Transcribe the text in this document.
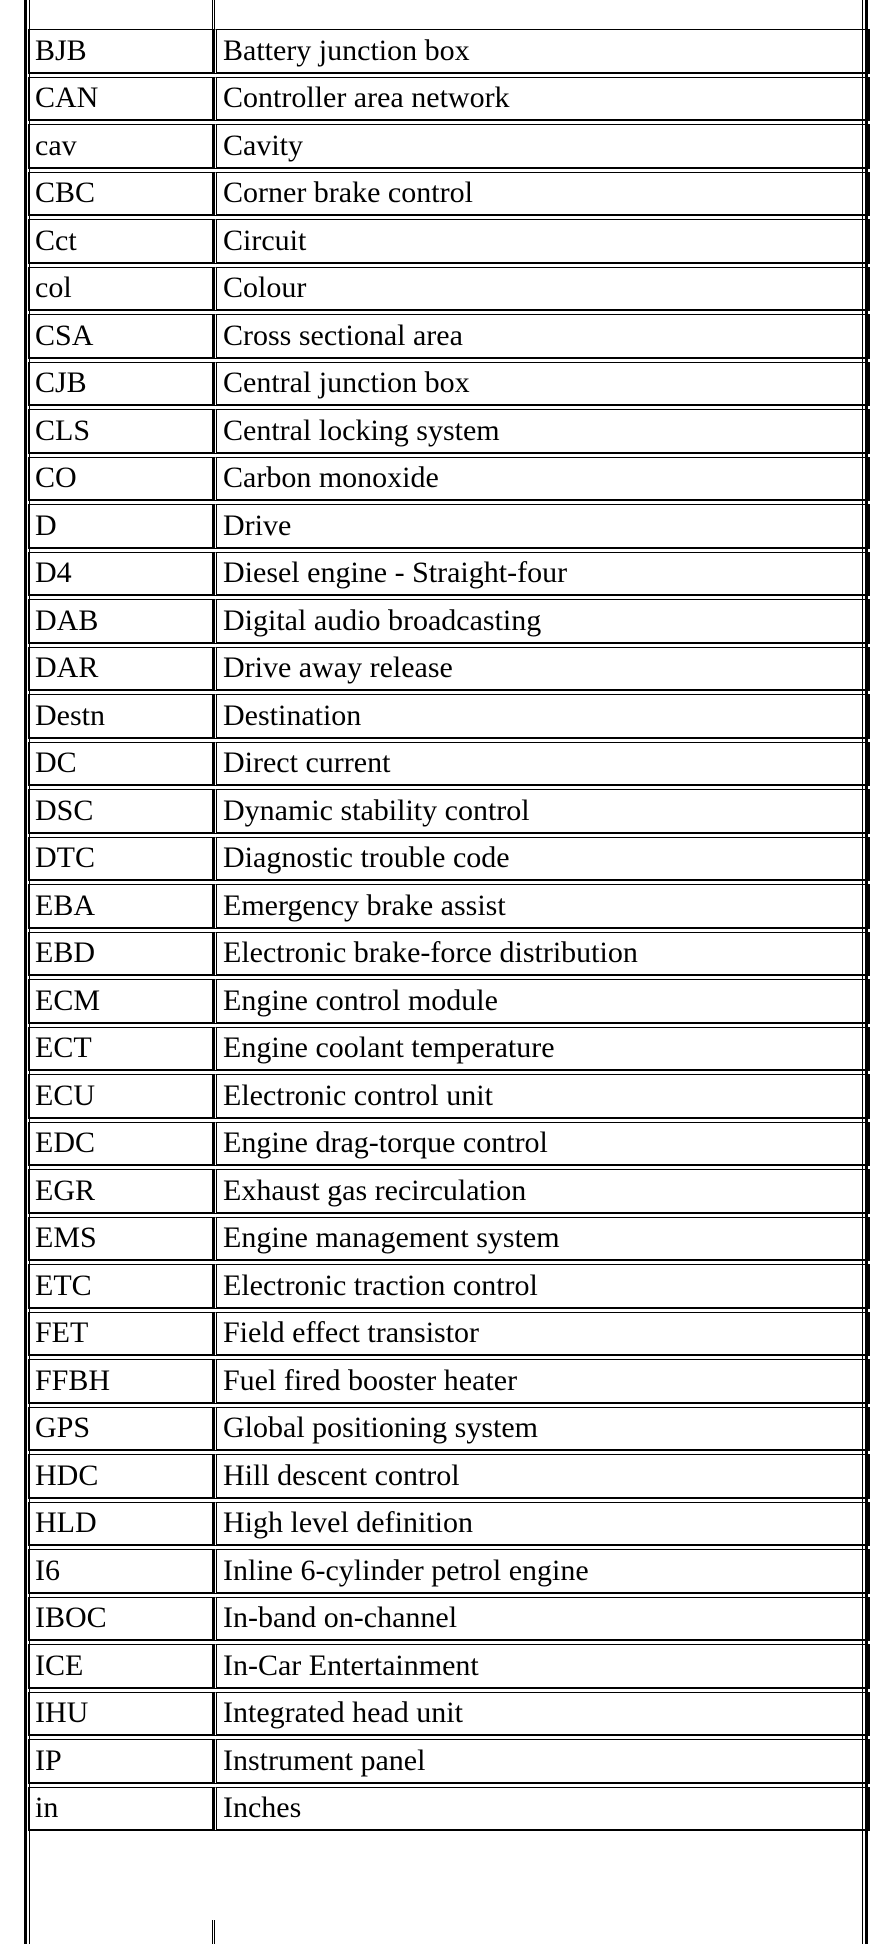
BJB	Battery junction box
CAN	Controller area network
cav	Cavity
CBC	Corner brake control
Cct	Circuit
col	Colour
CSA	Cross sectional area
CJB	Central junction box
CLS	Central locking system
CO	Carbon monoxide
D	Drive
D4	Diesel engine - Straight-four
DAB	Digital audio broadcasting
DAR	Drive away release
Destn	Destination
DC	Direct current
DSC	Dynamic stability control
DTC	Diagnostic trouble code
EBA	Emergency brake assist
EBD	Electronic brake-force distribution
ECM	Engine control module
ECT	Engine coolant temperature
ECU	Electronic control unit
EDC	Engine drag-torque control
EGR	Exhaust gas recirculation
EMS	Engine management system
ETC	Electronic traction control
FET	Field effect transistor
FFBH	Fuel fired booster heater
GPS	Global positioning system
HDC	Hill descent control
HLD	High level definition
I6	Inline 6-cylinder petrol engine
IBOC	In-band on-channel
ICE	In-Car Entertainment
IHU	Integrated head unit
IP	Instrument panel
in	Inches
